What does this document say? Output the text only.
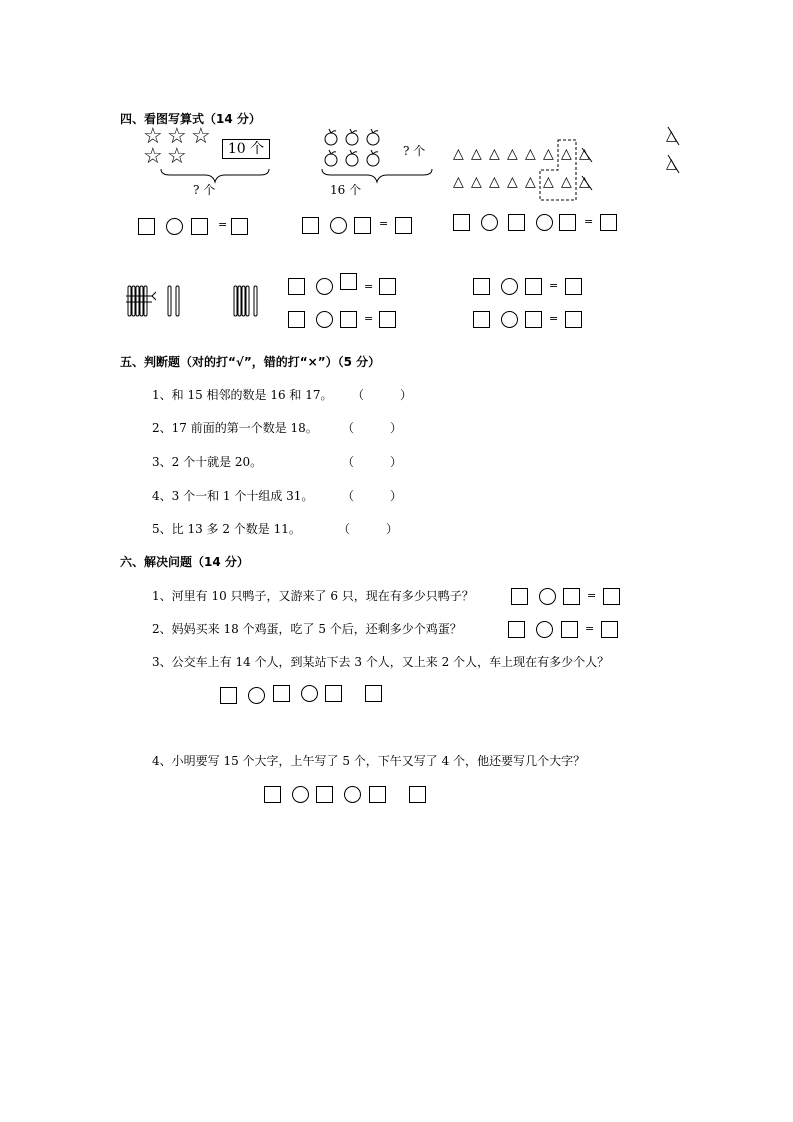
四、看图写算式（14 分）
☆ ☆ ☆
☆ ☆	10 个
? 个
? 个
16 个
△ △ △ △ △ △ △ △
△ △ △ △ △ △ △ △
△
△
=	=	=
=
=
=
=
五、判断题（对的打“√”，错的打“×”）（5 分）
1、和 15 相邻的数是 16 和 17。 （　　　）
2、17 前面的第一个数是 18。 （　　　）
3、2 个十就是 20。	（　　　）
4、3 个一和 1 个十组成 31。 （　　　）
5、比 13 多 2 个数是 11。	（　　　）
六、解决问题（14 分）
1、河里有 10 只鸭子，又游来了 6 只，现在有多少只鸭子？	=
2、妈妈买来 18 个鸡蛋，吃了 5 个后，还剩多少个鸡蛋？	=
3、公交车上有 14 个人，到某站下去 3 个人，又上来 2 个人，车上现在有多少个人？
4、小明要写 15 个大字，上午写了 5 个，下午又写了 4 个，他还要写几个大字？
